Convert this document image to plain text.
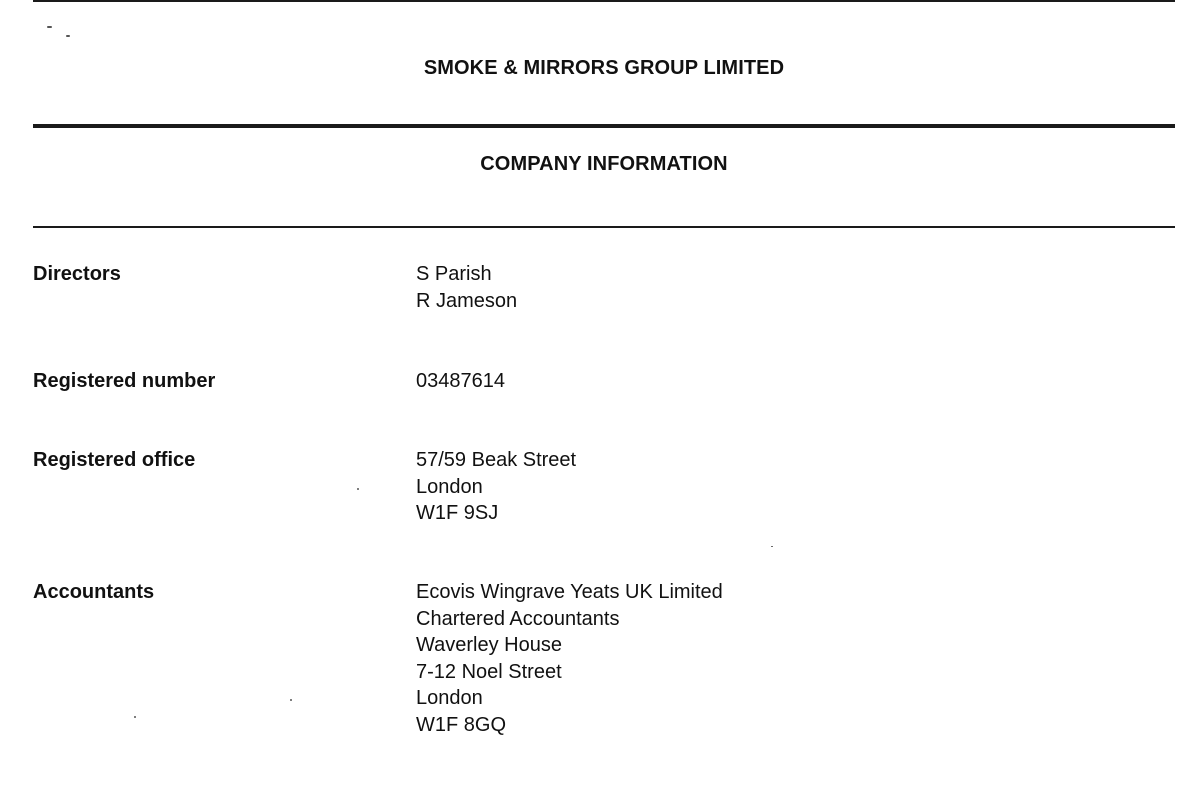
SMOKE & MIRRORS GROUP LIMITED
COMPANY INFORMATION
Directors	S Parish
R Jameson
Registered number	03487614
Registered office	57/59 Beak Street
London
W1F 9SJ
Accountants	Ecovis Wingrave Yeats UK Limited
Chartered Accountants
Waverley House
7-12 Noel Street
London
W1F 8GQ
